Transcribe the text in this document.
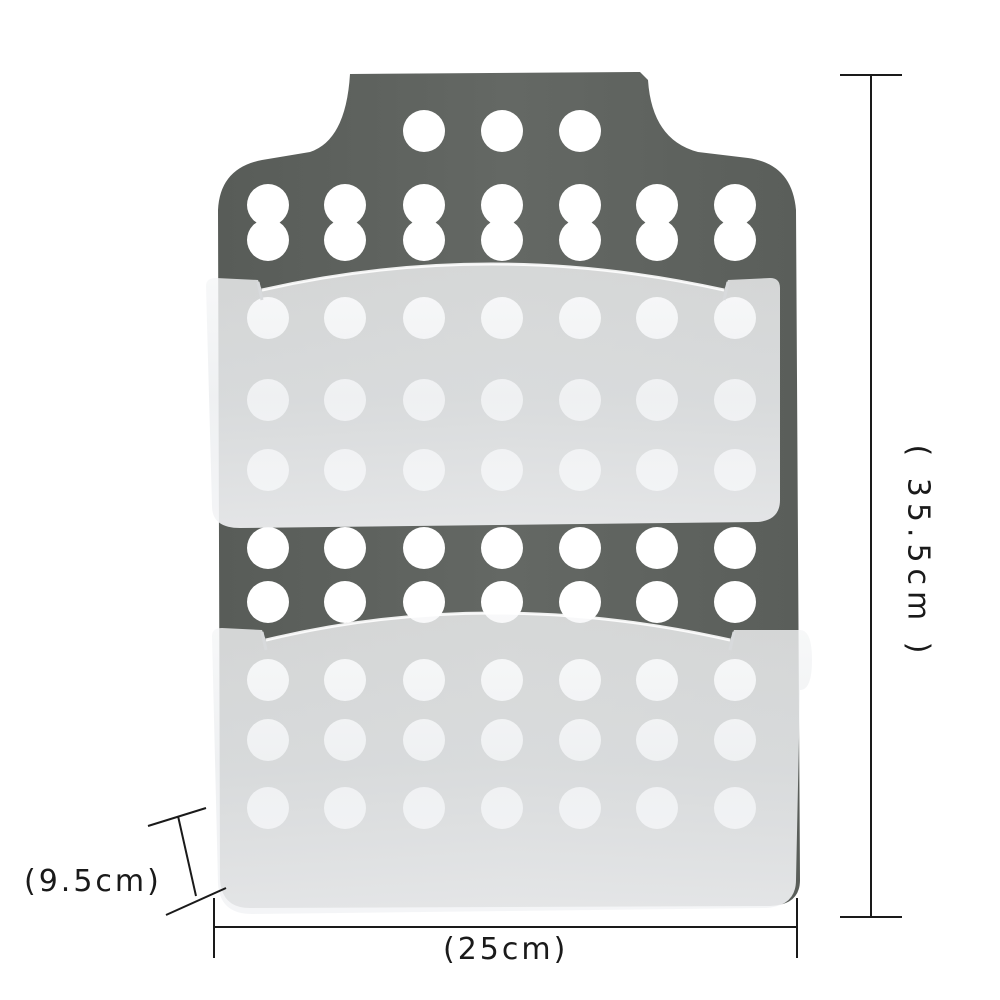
( 35.5cm )
(25cm)
(9.5cm)
